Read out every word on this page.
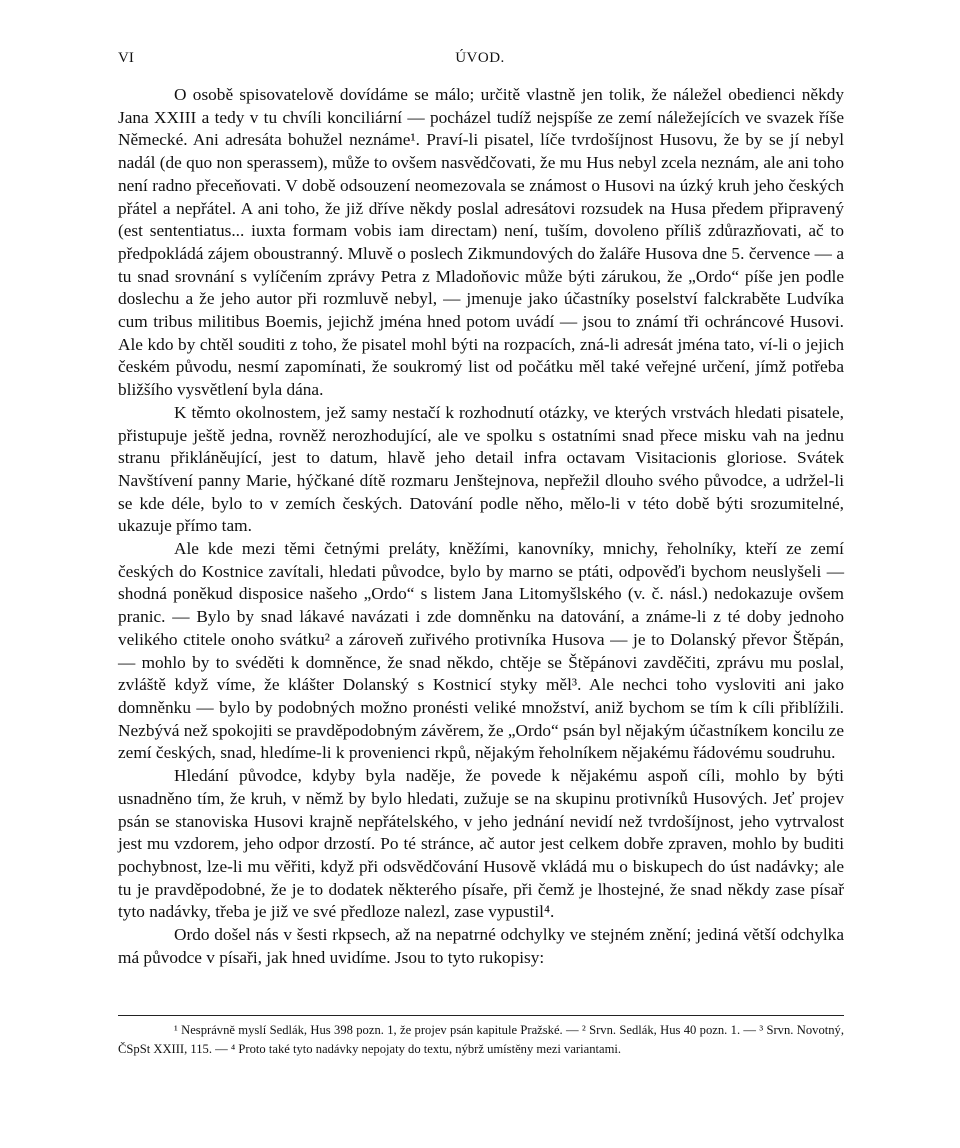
VI	ÚVOD.

O osobě spisovatelově dovídáme se málo; určitě vlastně jen tolik, že náležel obedienci někdy Jana XXIII a tedy v tu chvíli konciliární — pocházel tudíž nejspíše ze zemí náležejících ve svazek říše Německé. Ani adresáta bohužel neznáme¹. Praví-li pisatel, líče tvrdošíjnost Husovu, že by se jí nebyl nadál (de quo non sperassem), může to ovšem nasvědčovati, že mu Hus nebyl zcela neznám, ale ani toho není radno přeceňovati. V době odsouzení neomezovala se známost o Husovi na úzký kruh jeho českých přátel a nepřátel. A ani toho, že již dříve někdy poslal adresátovi rozsudek na Husa předem připravený (est sententiatus... iuxta formam vobis iam directam) není, tuším, dovoleno příliš zdůrazňovati, ač to předpokládá zájem oboustranný. Mluvě o poslech Zikmundových do žaláře Husova dne 5. července — a tu snad srovnání s vylíčením zprávy Petra z Mladoňovic může býti zárukou, že „Ordo“ píše jen podle doslechu a že jeho autor při rozmluvě nebyl, — jmenuje jako účastníky poselství falckraběte Ludvíka cum tribus militibus Boemis, jejichž jména hned potom uvádí — jsou to známí tři ochráncové Husovi. Ale kdo by chtěl souditi z toho, že pisatel mohl býti na rozpacích, zná-li adresát jména tato, ví-li o jejich českém původu, nesmí zapomínati, že soukromý list od počátku měl také veřejné určení, jímž potřeba bližšího vysvětlení byla dána.

K těmto okolnostem, jež samy nestačí k rozhodnutí otázky, ve kterých vrstvách hledati pisatele, přistupuje ještě jedna, rovněž nerozhodující, ale ve spolku s ostatními snad přece misku vah na jednu stranu přikláněující, jest to datum, hlavě jeho detail infra octavam Visitacionis gloriose. Svátek Navštívení panny Marie, hýčkané dítě rozmaru Jenštejnova, nepřežil dlouho svého původce, a udržel-li se kde déle, bylo to v zemích českých. Datování podle něho, mělo-li v této době býti srozumitelné, ukazuje přímo tam.

Ale kde mezi těmi četnými preláty, kněžími, kanovníky, mnichy, řeholníky, kteří ze zemí českých do Kostnice zavítali, hledati původce, bylo by marno se ptáti, odpověďi bychom neuslyšeli — shodná poněkud disposice našeho „Ordo“ s listem Jana Litomyšlského (v. č. násl.) nedokazuje ovšem pranic. — Bylo by snad lákavé navázati i zde domněnku na datování, a známe-li z té doby jednoho velikého ctitele onoho svátku² a zároveň zuřivého protivníka Husova — je to Dolanský převor Štěpán, — mohlo by to svéděti k domněnce, že snad někdo, chtěje se Štěpánovi zavděčiti, zprávu mu poslal, zvláště když víme, že klášter Dolanský s Kostnicí styky měl³. Ale nechci toho vysloviti ani jako domněnku — bylo by podobných možno pronésti veliké množství, aniž bychom se tím k cíli přiblížili. Nezbývá než spokojiti se pravděpodobným závěrem, že „Ordo“ psán byl nějakým účastníkem koncilu ze zemí českých, snad, hledíme-li k provenienci rkpů, nějakým řeholníkem nějakému řádovému soudruhu.

Hledání původce, kdyby byla naděje, že povede k nějakému aspoň cíli, mohlo by býti usnadněno tím, že kruh, v němž by bylo hledati, zužuje se na skupinu protivníků Husových. Jeť projev psán se stanoviska Husovi krajně nepřátelského, v jeho jednání nevidí než tvrdošíjnost, jeho vytrvalost jest mu vzdorem, jeho odpor drzostí. Po té stránce, ač autor jest celkem dobře zpraven, mohlo by buditi pochybnost, lze-li mu věřiti, když při odsvědčování Husově vkládá mu o biskupech do úst nadávky; ale tu je pravděpodobné, že je to dodatek některého písaře, při čemž je lhostejné, že snad někdy zase písař tyto nadávky, třeba je již ve své předloze nalezl, zase vypustil⁴.

Ordo došel nás v šesti rkpsech, až na nepatrné odchylky ve stejném znění; jediná větší odchylka má původce v písaři, jak hned uvidíme. Jsou to tyto rukopisy:

¹ Nesprávně myslí Sedlák, Hus 398 pozn. 1, že projev psán kapitule Pražské. — ² Srvn. Sedlák, Hus 40 pozn. 1. — ³ Srvn. Novotný, ČSpSt XXIII, 115. — ⁴ Proto také tyto nadávky nepojaty do textu, nýbrž umístěny mezi variantami.
